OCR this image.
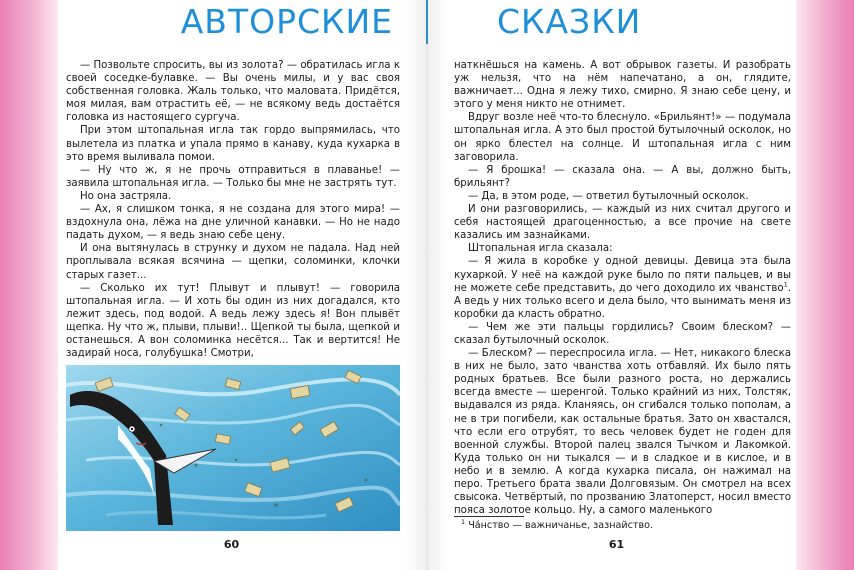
АВТОРСКИЕ

— Позвольте спросить, вы из золота? — обратилась игла к своей соседке-булавке. — Вы очень милы, и у вас своя собственная головка. Жаль только, что маловата. Придётся, моя милая, вам отрастить её, — не всякому ведь достаётся головка из настоящего сургуча.

При этом штопальная игла так гордо выпрямилась, что вылетела из платка и упала прямо в канаву, куда кухарка в это время выливала помои.

— Ну что ж, я не прочь отправиться в плаванье! — заявила штопальная игла. — Только бы мне не застрять тут.

Но она застряла.

— Ах, я слишком тонка, я не создана для этого мира! — вздохнула она, лёжа на дне уличной канавки. — Но не надо падать духом, — я ведь знаю себе цену.

И она вытянулась в струнку и духом не падала. Над ней проплывала всякая всячина — щепки, соломинки, клочки старых газет...

— Сколько их тут! Плывут и плывут! — говорила штопальная игла. — И хоть бы один из них догадался, кто лежит здесь, под водой. А ведь лежу здесь я! Вон плывёт щепка. Ну что ж, плыви, плыви!.. Щепкой ты была, щепкой и останешься. А вон соломинка несётся... Так и вертится! Не задирай носа, голубушка! Смотри,

60
СКАЗКИ

наткнёшься на камень. А вот обрывок газеты. И разобрать уж нельзя, что на нём напечатано, а он, глядите, важничает... Одна я лежу тихо, смирно. Я знаю себе цену, и этого у меня никто не отнимет.

Вдруг возле неё что-то блеснуло. «Брильянт!» — подумала штопальная игла. А это был простой бутылочный осколок, но он ярко блестел на солнце. И штопальная игла с ним заговорила.

— Я брошка! — сказала она. — А вы, должно быть, брильянт?

— Да, в этом роде, — ответил бутылочный осколок.

И они разговорились, — каждый из них считал другого и себя настоящей драгоценностью, а все прочие на свете казались им зазнайками.

Штопальная игла сказала:

— Я жила в коробке у одной девицы. Девица эта была кухаркой. У неё на каждой руке было по пяти пальцев, и вы не можете себе представить, до чего доходило их чванство$^1$. А ведь у них только всего и дела было, что вынимать меня из коробки да класть обратно.

— Чем же эти пальцы гордились? Своим блеском? — сказал бутылочный осколок.

— Блеском? — переспросила игла. — Нет, никакого блеска в них не было, зато чванства хоть отбавляй. Их было пять родных братьев. Все были разного роста, но держались всегда вместе — шеренгой. Только крайний из них, Толстяк, выдавался из ряда. Кланяясь, он сгибался только пополам, а не в три погибели, как остальные братья. Зато он хвастался, что если его отрубят, то весь человек будет не годен для военной службы. Второй палец звался Тычком и Лакомкой. Куда только он ни тыкался — и в сладкое и в кислое, и в небо и в землю. А когда кухарка писала, он нажимал на перо. Третьего брата звали Долговязым. Он смотрел на всех свысока. Четвёртый, по прозванию Златоперст, носил вместо пояса золотое кольцо. Ну, а самого маленького

$^1$ Ча́нство — важничанье, зазнайство.
61
